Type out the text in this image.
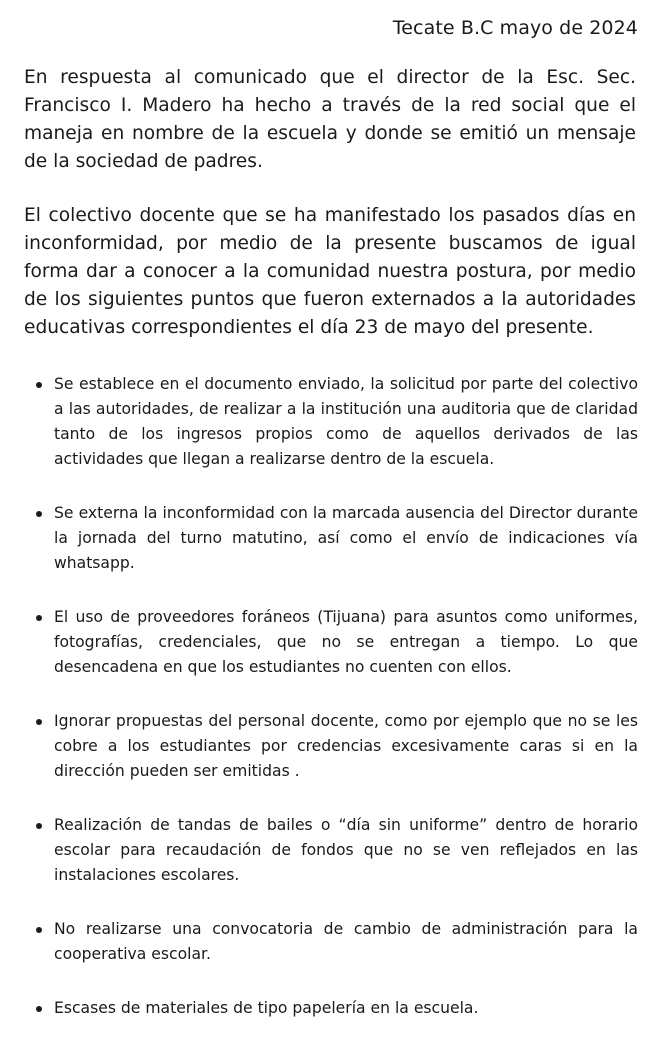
Tecate B.C mayo de 2024

En respuesta al comunicado que el director de la Esc. Sec. Francisco I. Madero ha hecho a través de la red social que el maneja en nombre de la escuela y donde se emitió un mensaje de la sociedad de padres.

El colectivo docente que se ha manifestado los pasados días en inconformidad, por medio de la presente buscamos de igual forma dar a conocer a la comunidad nuestra postura, por medio de los siguientes puntos que fueron externados a la autoridades educativas correspondientes el día 23 de mayo del presente.

Se establece en el documento enviado, la solicitud por parte del colectivo a las autoridades, de realizar a la institución una auditoria que de claridad tanto de los ingresos propios como de aquellos derivados de las actividades que llegan a realizarse dentro de la escuela.
Se externa la inconformidad con la marcada ausencia del Director durante la jornada del turno matutino, así como el envío de indicaciones vía whatsapp.
El uso de proveedores foráneos (Tijuana) para asuntos como uniformes, fotografías, credenciales, que no se entregan a tiempo. Lo que desencadena en que los estudiantes no cuenten con ellos.
Ignorar propuestas del personal docente, como por ejemplo que no se les cobre a los estudiantes por credencias excesivamente caras si en la dirección pueden ser emitidas .
Realización de tandas de bailes o “día sin uniforme” dentro de horario escolar para recaudación de fondos que no se ven reflejados en las instalaciones escolares.
No realizarse una convocatoria de cambio de administración para la cooperativa escolar.
Escases de materiales de tipo papelería en la escuela.
